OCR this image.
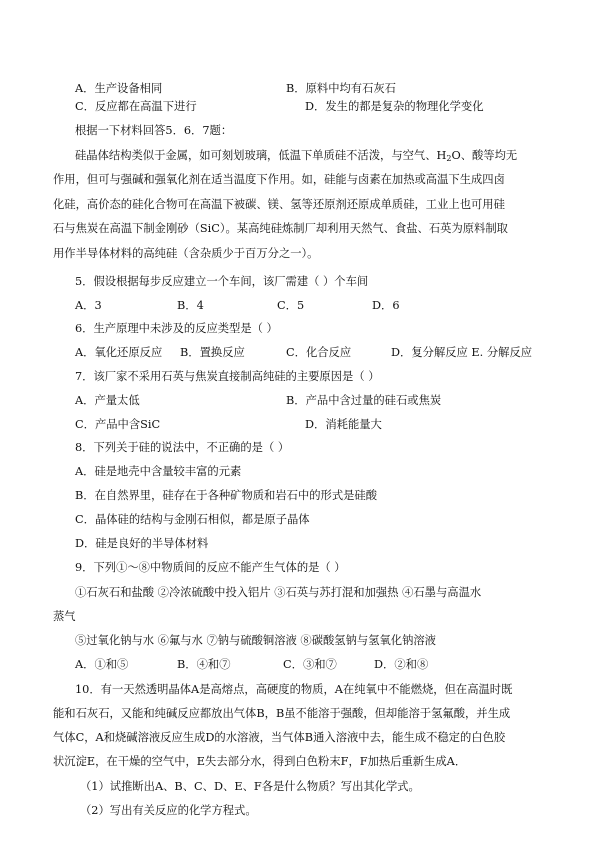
A．生产设备相同	B．原料中均有石灰石
C．反应都在高温下进行	D．发生的都是复杂的物理化学变化
根据一下材料回答5．6．7题：
硅晶体结构类似于金属，如可刻划玻璃，低温下单质硅不活泼，与空气、$H_2O$、酸等均无
作用，但可与强碱和强氧化剂在适当温度下作用。如，硅能与卤素在加热或高温下生成四卤
化硅，高价态的硅化合物可在高温下被碳、镁、氢等还原剂还原成单质硅，工业上也可用硅
石与焦炭在高温下制金刚砂（SiC）。某高纯硅炼制厂却利用天然气、食盐、石英为原料制取
用作半导体材料的高纯硅（含杂质少于百万分之一）。
5．假设根据每步反应建立一个车间，该厂需建（ ）个车间
A．3	B．4	C．5	D．6
6．生产原理中未涉及的反应类型是（ ）
A．氧化还原反应 B．置换反应	C．化合反应	D．复分解反应 E. 分解反应
7．该厂家不采用石英与焦炭直接制高纯硅的主要原因是（ ）
A．产量太低	B．产品中含过量的硅石或焦炭
C．产品中含SiC	D．消耗能量大
8．下列关于硅的说法中，不正确的是（ ）
A．硅是地壳中含量较丰富的元素
B．在自然界里，硅存在于各种矿物质和岩石中的形式是硅酸
C．晶体硅的结构与金刚石相似，都是原子晶体
D．硅是良好的半导体材料
9．下列①～⑧中物质间的反应不能产生气体的是（ ）
①石灰石和盐酸 ②冷浓硫酸中投入铝片 ③石英与苏打混和加强热 ④石墨与高温水
蒸气
⑤过氧化钠与水 ⑥氟与水 ⑦钠与硫酸铜溶液 ⑧碳酸氢钠与氢氧化钠溶液
A．①和⑤	B．④和⑦	C．③和⑦	D．②和⑧
10．有一天然透明晶体A是高熔点，高硬度的物质，A在纯氧中不能燃烧，但在高温时既
能和石灰石，又能和纯碱反应都放出气体B，B虽不能溶于强酸，但却能溶于氢氟酸，并生成
气体C，A和烧碱溶液反应生成D的水溶液，当气体B通入溶液中去，能生成不稳定的白色胶
状沉淀E，在干燥的空气中，E失去部分水，得到白色粉末F，F加热后重新生成A．
（1）试推断出A、B、C、D、E、F各是什么物质？写出其化学式。
（2）写出有关反应的化学方程式。
